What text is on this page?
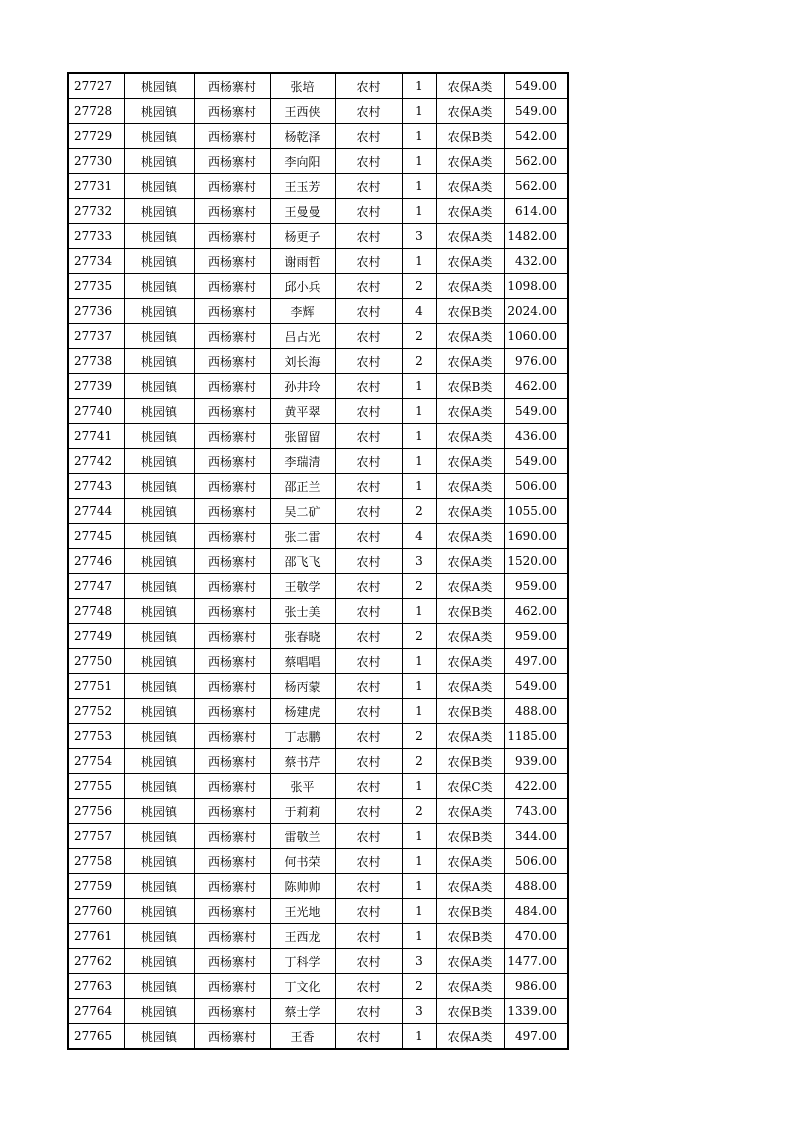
27727	桃园镇	西杨寨村	张培	农村	1	农保A类	549.00
27728	桃园镇	西杨寨村	王西侠	农村	1	农保A类	549.00
27729	桃园镇	西杨寨村	杨乾泽	农村	1	农保B类	542.00
27730	桃园镇	西杨寨村	李向阳	农村	1	农保A类	562.00
27731	桃园镇	西杨寨村	王玉芳	农村	1	农保A类	562.00
27732	桃园镇	西杨寨村	王曼曼	农村	1	农保A类	614.00
27733	桃园镇	西杨寨村	杨更子	农村	3	农保A类	1482.00
27734	桃园镇	西杨寨村	谢雨哲	农村	1	农保A类	432.00
27735	桃园镇	西杨寨村	邱小兵	农村	2	农保A类	1098.00
27736	桃园镇	西杨寨村	李辉	农村	4	农保B类	2024.00
27737	桃园镇	西杨寨村	吕占光	农村	2	农保A类	1060.00
27738	桃园镇	西杨寨村	刘长海	农村	2	农保A类	976.00
27739	桃园镇	西杨寨村	孙井玲	农村	1	农保B类	462.00
27740	桃园镇	西杨寨村	黄平翠	农村	1	农保A类	549.00
27741	桃园镇	西杨寨村	张留留	农村	1	农保A类	436.00
27742	桃园镇	西杨寨村	李瑞清	农村	1	农保A类	549.00
27743	桃园镇	西杨寨村	邵正兰	农村	1	农保A类	506.00
27744	桃园镇	西杨寨村	吴二矿	农村	2	农保A类	1055.00
27745	桃园镇	西杨寨村	张二雷	农村	4	农保A类	1690.00
27746	桃园镇	西杨寨村	邵飞飞	农村	3	农保A类	1520.00
27747	桃园镇	西杨寨村	王敬学	农村	2	农保A类	959.00
27748	桃园镇	西杨寨村	张士美	农村	1	农保B类	462.00
27749	桃园镇	西杨寨村	张春晓	农村	2	农保A类	959.00
27750	桃园镇	西杨寨村	蔡唱唱	农村	1	农保A类	497.00
27751	桃园镇	西杨寨村	杨丙蒙	农村	1	农保A类	549.00
27752	桃园镇	西杨寨村	杨建虎	农村	1	农保B类	488.00
27753	桃园镇	西杨寨村	丁志鹏	农村	2	农保A类	1185.00
27754	桃园镇	西杨寨村	蔡书芹	农村	2	农保B类	939.00
27755	桃园镇	西杨寨村	张平	农村	1	农保C类	422.00
27756	桃园镇	西杨寨村	于莉莉	农村	2	农保A类	743.00
27757	桃园镇	西杨寨村	雷敬兰	农村	1	农保B类	344.00
27758	桃园镇	西杨寨村	何书荣	农村	1	农保A类	506.00
27759	桃园镇	西杨寨村	陈帅帅	农村	1	农保A类	488.00
27760	桃园镇	西杨寨村	王光地	农村	1	农保B类	484.00
27761	桃园镇	西杨寨村	王西龙	农村	1	农保B类	470.00
27762	桃园镇	西杨寨村	丁科学	农村	3	农保A类	1477.00
27763	桃园镇	西杨寨村	丁文化	农村	2	农保A类	986.00
27764	桃园镇	西杨寨村	蔡士学	农村	3	农保B类	1339.00
27765	桃园镇	西杨寨村	王香	农村	1	农保A类	497.00
